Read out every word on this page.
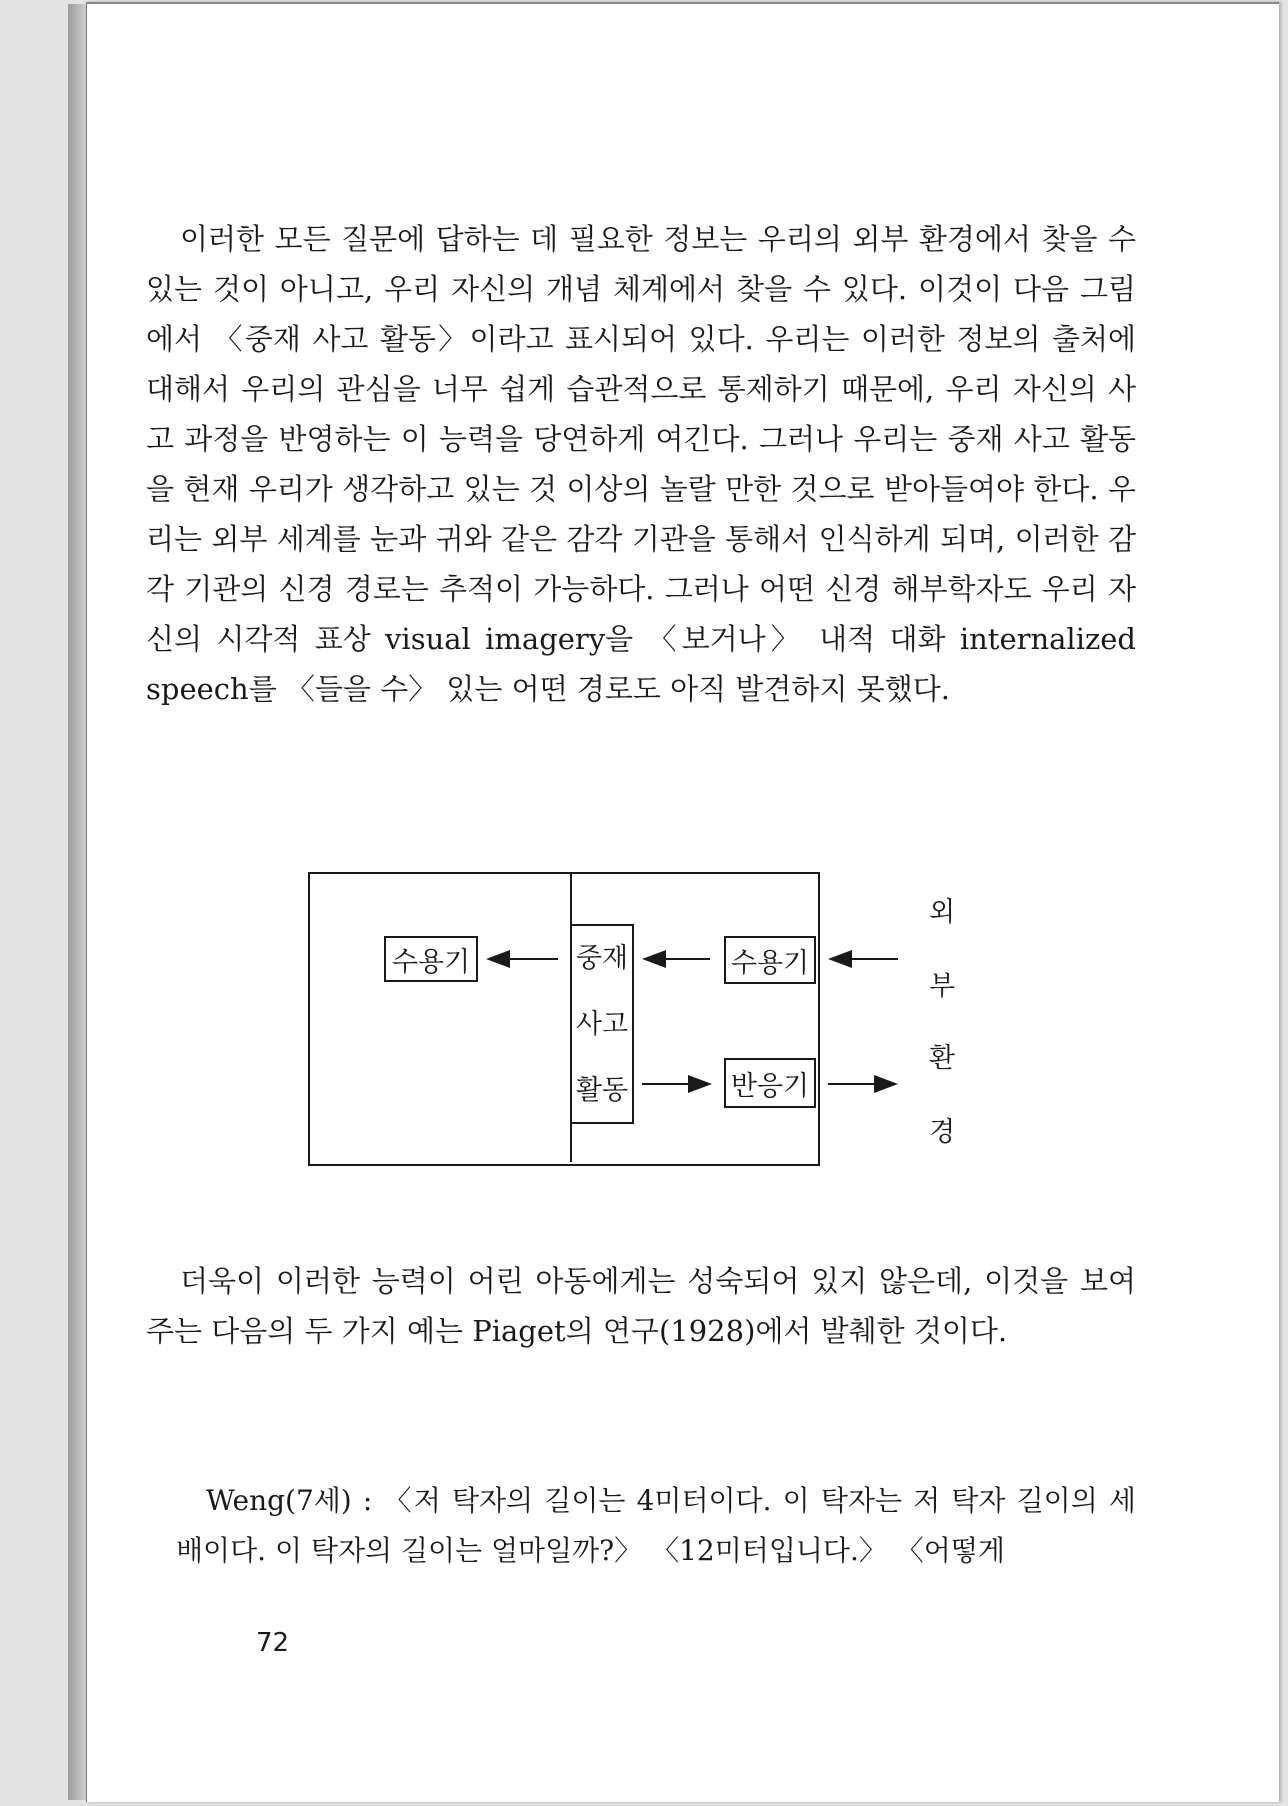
이러한 모든 질문에 답하는 데 필요한 정보는 우리의 외부 환경에서 찾을 수 있는 것이 아니고, 우리 자신의 개념 체계에서 찾을 수 있다. 이것이 다음 그림에서 〈중재 사고 활동〉이라고 표시되어 있다. 우리는 이러한 정보의 출처에 대해서 우리의 관심을 너무 쉽게 습관적으로 통제하기 때문에, 우리 자신의 사고 과정을 반영하는 이 능력을 당연하게 여긴다. 그러나 우리는 중재 사고 활동을 현재 우리가 생각하고 있는 것 이상의 놀랄 만한 것으로 받아들여야 한다. 우리는 외부 세계를 눈과 귀와 같은 감각 기관을 통해서 인식하게 되며, 이러한 감각 기관의 신경 경로는 추적이 가능하다. 그러나 어떤 신경 해부학자도 우리 자신의 시각적 표상 visual imagery을 〈보거나〉 내적 대화 internalized speech를 〈들을 수〉 있는 어떤 경로도 아직 발견하지 못했다.

수용기	중재
사고
활동
수용기
반응기
외
부
환
경

더욱이 이러한 능력이 어린 아동에게는 성숙되어 있지 않은데, 이것을 보여주는 다음의 두 가지 예는 Piaget의 연구(1928)에서 발췌한 것이다.

Weng(7세) : 〈저 탁자의 길이는 4미터이다. 이 탁자는 저 탁자 길이의 세 배이다. 이 탁자의 길이는 얼마일까?〉 〈12미터입니다.〉 〈어떻게

72
